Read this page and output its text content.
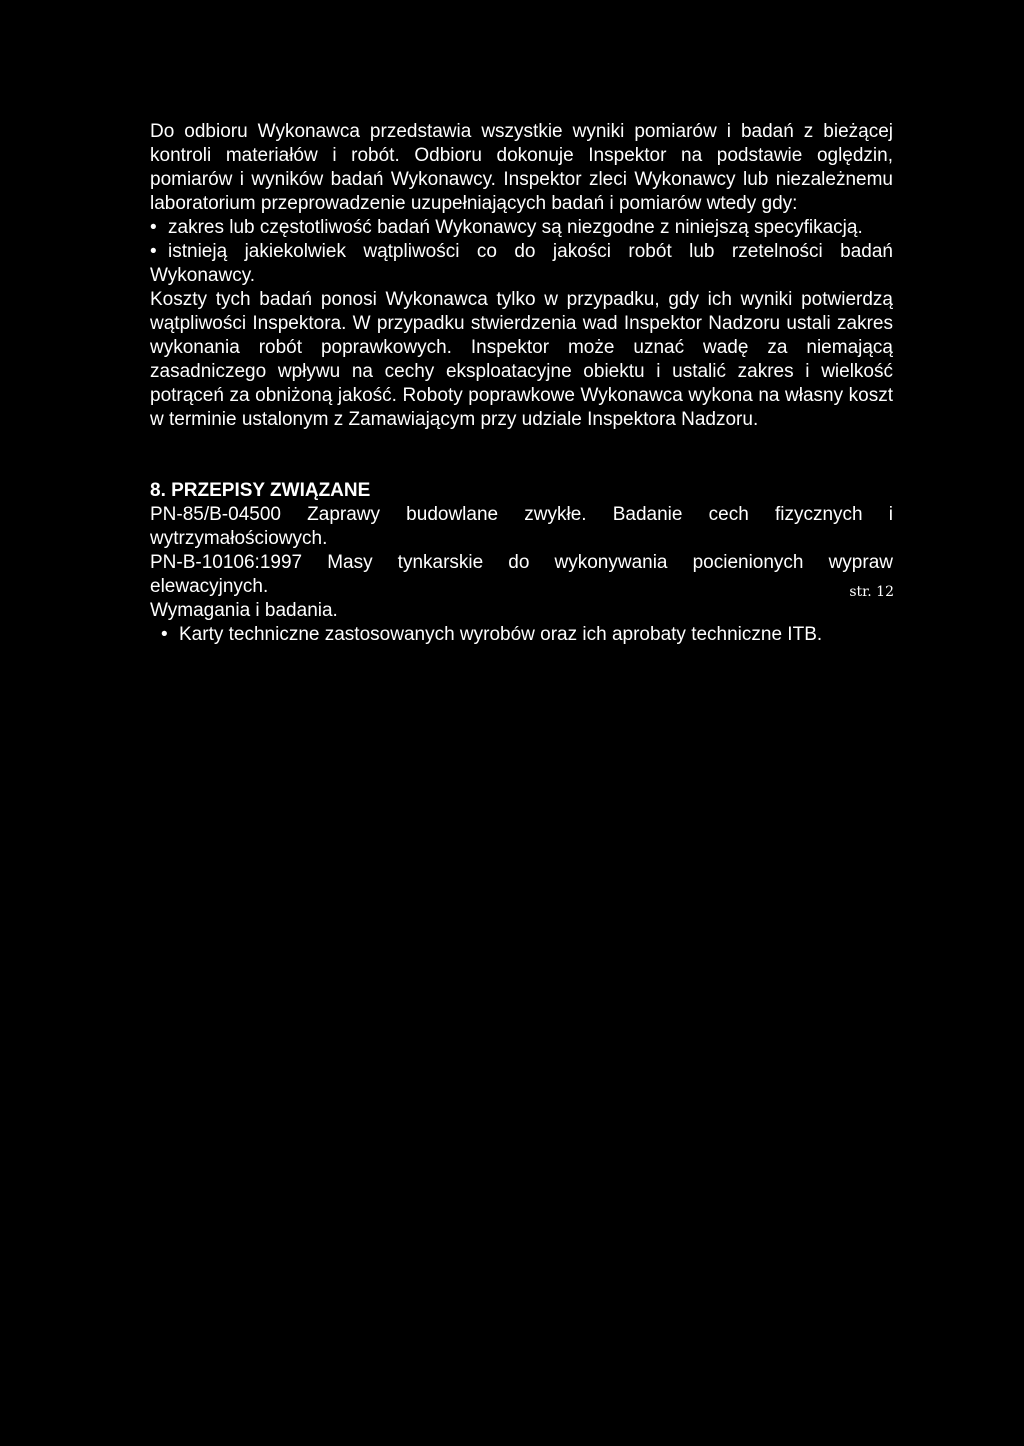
Do odbioru Wykonawca przedstawia wszystkie wyniki pomiarów i badań z bieżącej kontroli materiałów i robót. Odbioru dokonuje Inspektor na podstawie oględzin, pomiarów i wyników badań Wykonawcy. Inspektor zleci Wykonawcy lub niezależnemu laboratorium przeprowadzenie uzupełniających badań i pomiarów wtedy gdy:

• zakres lub częstotliwość badań Wykonawcy są niezgodne z niniejszą specyfikacją.
• istnieją jakiekolwiek wątpliwości co do jakości robót lub rzetelności badań Wykonawcy.

Koszty tych badań ponosi Wykonawca tylko w przypadku, gdy ich wyniki potwierdzą wątpliwości Inspektora. W przypadku stwierdzenia wad Inspektor Nadzoru ustali zakres wykonania robót poprawkowych. Inspektor może uznać wadę za niemającą zasadniczego wpływu na cechy eksploatacyjne obiektu i ustalić zakres i wielkość potrąceń za obniżoną jakość. Roboty poprawkowe Wykonawca wykona na własny koszt w terminie ustalonym z Zamawiającym przy udziale Inspektora Nadzoru.

8. PRZEPISY ZWIĄZANE

PN-85/B-04500 Zaprawy budowlane zwykłe. Badanie cech fizycznych i wytrzymałościowych.

PN-B-10106:1997 Masy tynkarskie do wykonywania pocienionych wypraw elewacyjnych.

Wymagania i badania.

• Karty techniczne zastosowanych wyrobów oraz ich aprobaty techniczne ITB.

str. 12
